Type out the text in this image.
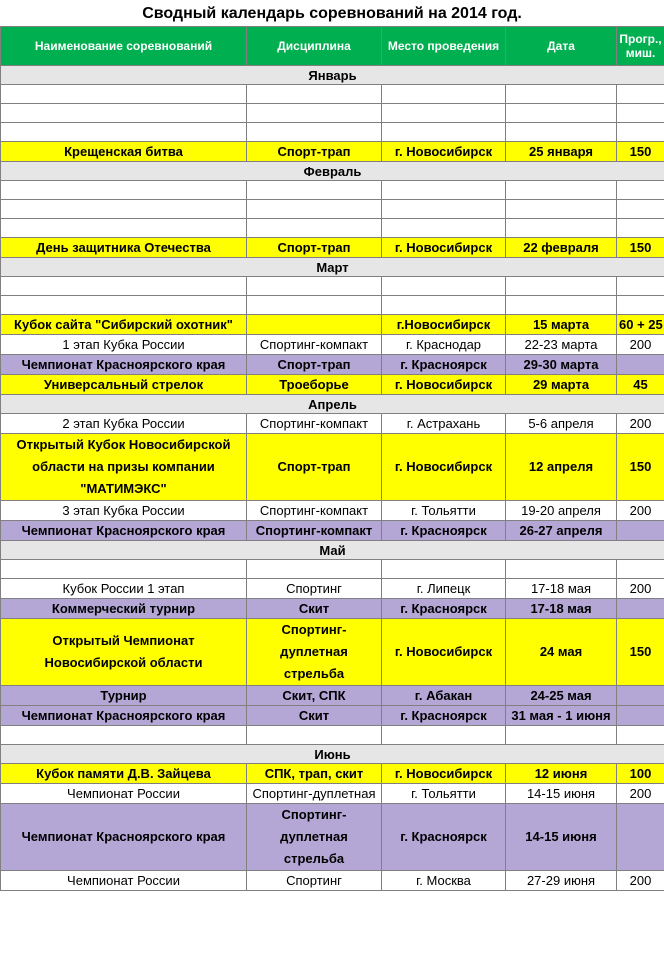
Сводный календарь соревнований на 2014 год.
Наименование соревнований	Дисциплина	Место проведения	Дата	Прогр., миш.
Январь				

Крещенская битва	Спорт-трап	г. Новосибирск	25 января	150
Февраль				

День защитника Отечества	Спорт-трап	г. Новосибирск	22 февраля	150
Март				

Кубок сайта "Сибирский охотник"		г.Новосибирск	15 марта	60 + 25
1 этап Кубка России	Спортинг-компакт	г. Краснодар	22-23 марта	200
Чемпионат Красноярского края	Спорт-трап	г. Красноярск	29-30 марта	
Универсальный стрелок	Троеборье	г. Новосибирск	29 марта	45
Апрель				
2 этап Кубка России	Спортинг-компакт	г. Астрахань	5-6 апреля	200
Открытый Кубок Новосибирской области на призы компании "МАТИМЭКС"	Спорт-трап	г. Новосибирск	12 апреля	150
3 этап Кубка России	Спортинг-компакт	г. Тольятти	19-20 апреля	200
Чемпионат Красноярского края	Спортинг-компакт	г. Красноярск	26-27 апреля	
Май				

Кубок России 1 этап	Спортинг	г. Липецк	17-18 мая	200
Коммерческий турнир	Скит	г. Красноярск	17-18 мая	
Открытый Чемпионат Новосибирской области	Спортинг-дуплетная стрельба	г. Новосибирск	24 мая	150
Турнир	Скит, СПК	г. Абакан	24-25 мая	
Чемпионат Красноярского края	Скит	г. Красноярск	31 мая - 1 июня	

Июнь				
Кубок памяти Д.В. Зайцева	СПК, трап, скит	г. Новосибирск	12 июня	100
Чемпионат России	Спортинг-дуплетная	г. Тольятти	14-15 июня	200
Чемпионат Красноярского края	Спортинг-дуплетная стрельба	г. Красноярск	14-15 июня	
Чемпионат России	Спортинг	г. Москва	27-29 июня	200
